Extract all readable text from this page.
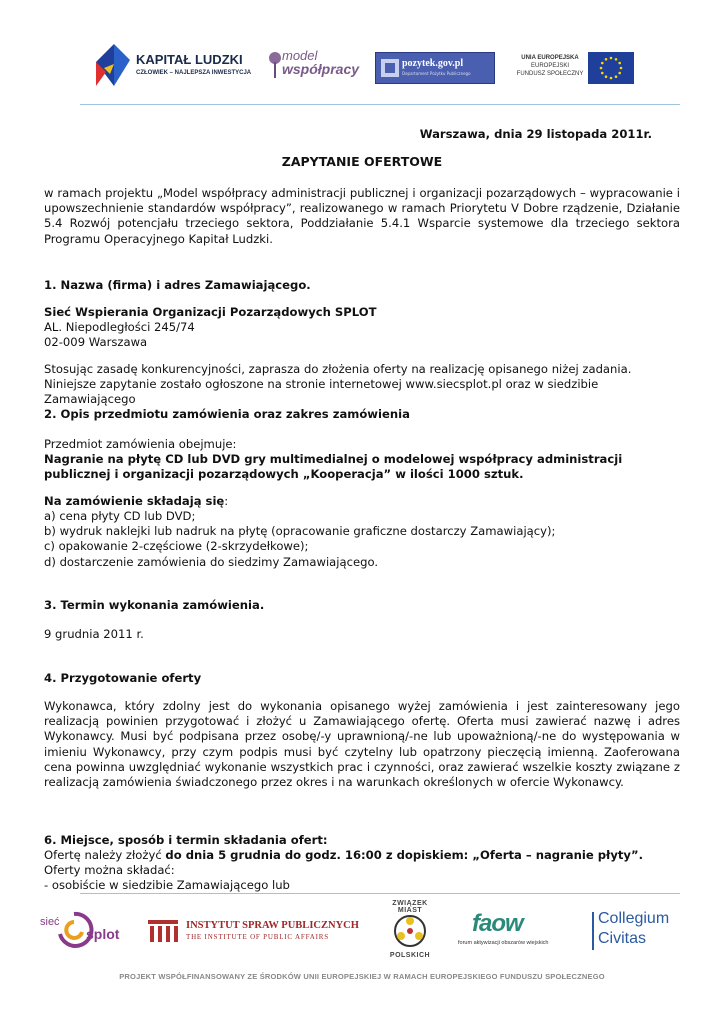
KAPITAŁ LUDZKI
CZŁOWIEK – NAJLEPSZA INWESTYCJA
model
współpracy	pozytek.gov.pl
Departament Pożytku Publicznego
UNIA EUROPEJSKA
EUROPEJSKI
FUNDUSZ SPOŁECZNY
Warszawa, dnia 29 listopada 2011r.
ZAPYTANIE OFERTOWE
w ramach projektu „Model współpracy administracji publicznej i organizacji pozarządowych – wypracowanie i upowszechnienie standardów współpracy”, realizowanego w ramach Priorytetu V Dobre rządzenie, Działanie 5.4 Rozwój potencjału trzeciego sektora, Poddziałanie 5.4.1 Wsparcie systemowe dla trzeciego sektora Programu Operacyjnego Kapitał Ludzki.
1. Nazwa (firma) i adres Zamawiającego.
Sieć Wspierania Organizacji Pozarządowych SPLOT
AL. Niepodległości 245/74
02-009 Warszawa
Stosując zasadę konkurencyjności, zaprasza do złożenia oferty na realizację opisanego niżej zadania.
Niniejsze zapytanie zostało ogłoszone na stronie internetowej www.siecsplot.pl oraz w siedzibie Zamawiającego
2. Opis przedmiotu zamówienia oraz zakres zamówienia
Przedmiot zamówienia obejmuje:
Nagranie na płytę CD lub DVD gry multimedialnej o modelowej współpracy administracji publicznej i organizacji pozarządowych „Kooperacja” w ilości 1000 sztuk.
Na zamówienie składają się:
a) cena płyty CD lub DVD;
b) wydruk naklejki lub nadruk na płytę (opracowanie graficzne dostarczy Zamawiający);
c) opakowanie 2-częściowe (2-skrzydełkowe);
d) dostarczenie zamówienia do siedzimy Zamawiającego.
3. Termin wykonania zamówienia.
9 grudnia 2011 r.
4. Przygotowanie oferty
Wykonawca, który zdolny jest do wykonania opisanego wyżej zamówienia i jest zainteresowany jego realizacją powinien przygotować i złożyć u Zamawiającego ofertę. Oferta musi zawierać nazwę i adres Wykonawcy. Musi być podpisana przez osobę/-y uprawnioną/-ne lub upoważnioną/-ne do występowania w imieniu Wykonawcy, przy czym podpis musi być czytelny lub opatrzony pieczęcią imienną. Zaoferowana cena powinna uwzględniać wykonanie wszystkich prac i czynności, oraz zawierać wszelkie koszty związane z realizacją zamówienia świadczonego przez okres i na warunkach określonych w ofercie Wykonawcy.
6. Miejsce, sposób i termin składania ofert:
Ofertę należy złożyć do dnia 5 grudnia do godz. 16:00 z dopiskiem: „Oferta – nagranie płyty”.
Oferty można składać:
- osobiście w siedzibie Zamawiającego lub
sieć
splot
INSTYTUT SPRAW PUBLICZNYCH
THE INSTITUTE OF PUBLIC AFFAIRS
ZWIĄZEK MIAST
POLSKICH
faow
forum aktywizacji obszarów wiejskich
Collegium
Civitas
PROJEKT WSPÓŁFINANSOWANY ZE ŚRODKÓW UNII EUROPEJSKIEJ W RAMACH EUROPEJSKIEGO FUNDUSZU SPOŁECZNEGO
